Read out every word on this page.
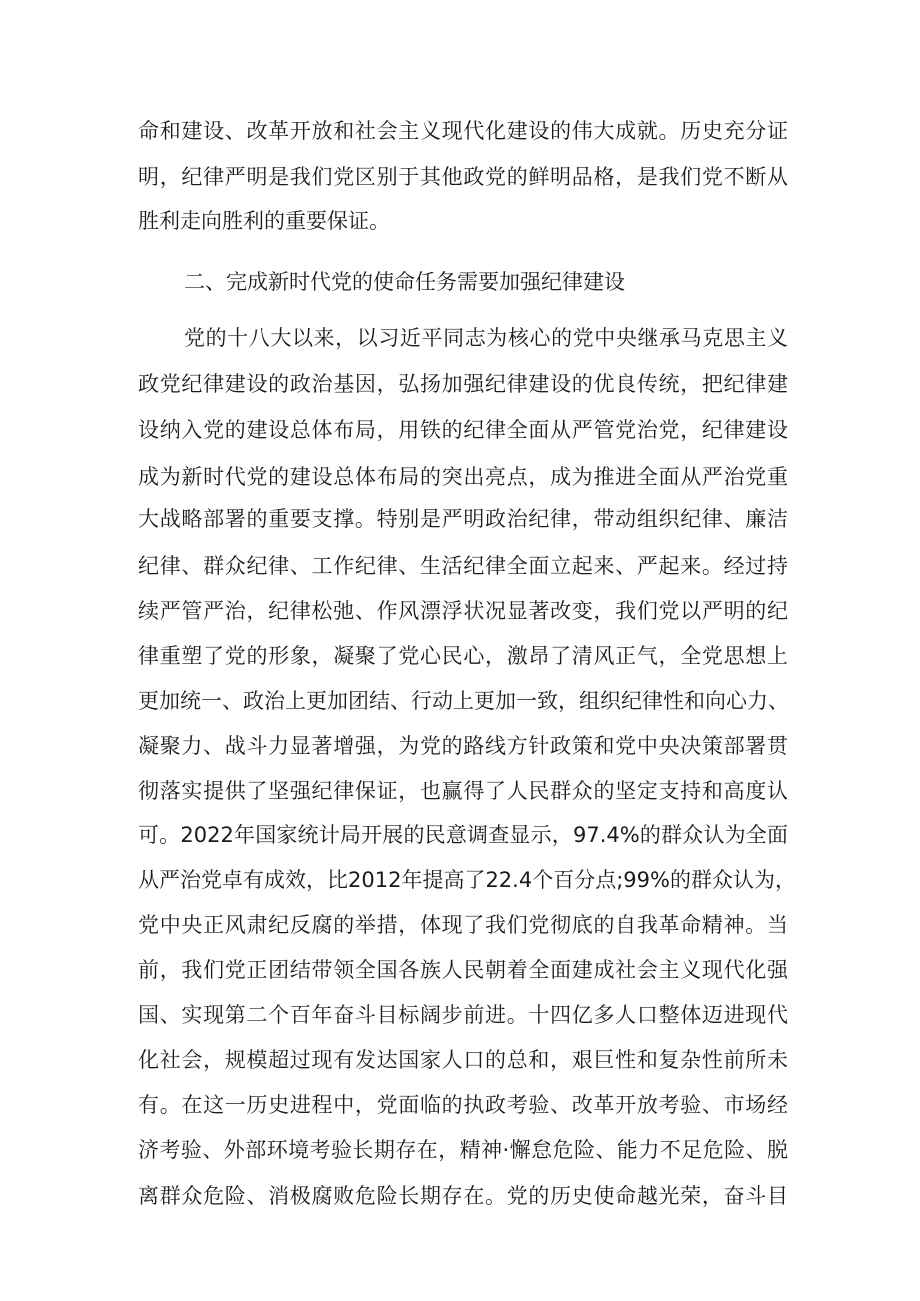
命和建设、改革开放和社会主义现代化建设的伟大成就。历史充分证
明，纪律严明是我们党区别于其他政党的鲜明品格，是我们党不断从
胜利走向胜利的重要保证。
二、完成新时代党的使命任务需要加强纪律建设
党的十八大以来，以习近平同志为核心的党中央继承马克思主义
政党纪律建设的政治基因，弘扬加强纪律建设的优良传统，把纪律建
设纳入党的建设总体布局，用铁的纪律全面从严管党治党，纪律建设
成为新时代党的建设总体布局的突出亮点，成为推进全面从严治党重
大战略部署的重要支撑。特别是严明政治纪律，带动组织纪律、廉洁
纪律、群众纪律、工作纪律、生活纪律全面立起来、严起来。经过持
续严管严治，纪律松弛、作风漂浮状况显著改变，我们党以严明的纪
律重塑了党的形象，凝聚了党心民心，激昂了清风正气，全党思想上
更加统一、政治上更加团结、行动上更加一致，组织纪律性和向心力、
凝聚力、战斗力显著增强，为党的路线方针政策和党中央决策部署贯
彻落实提供了坚强纪律保证，也赢得了人民群众的坚定支持和高度认
可。2022年国家统计局开展的民意调查显示，97.4%的群众认为全面
从严治党卓有成效，比2012年提高了22.4个百分点;99%的群众认为，
党中央正风肃纪反腐的举措，体现了我们党彻底的自我革命精神。当
前，我们党正团结带领全国各族人民朝着全面建成社会主义现代化强
国、实现第二个百年奋斗目标阔步前进。十四亿多人口整体迈进现代
化社会，规模超过现有发达国家人口的总和，艰巨性和复杂性前所未
有。在这一历史进程中，党面临的执政考验、改革开放考验、市场经
济考验、外部环境考验长期存在，精神·懈怠危险、能力不足危险、脱
离群众危险、消极腐败危险长期存在。党的历史使命越光荣，奋斗目
